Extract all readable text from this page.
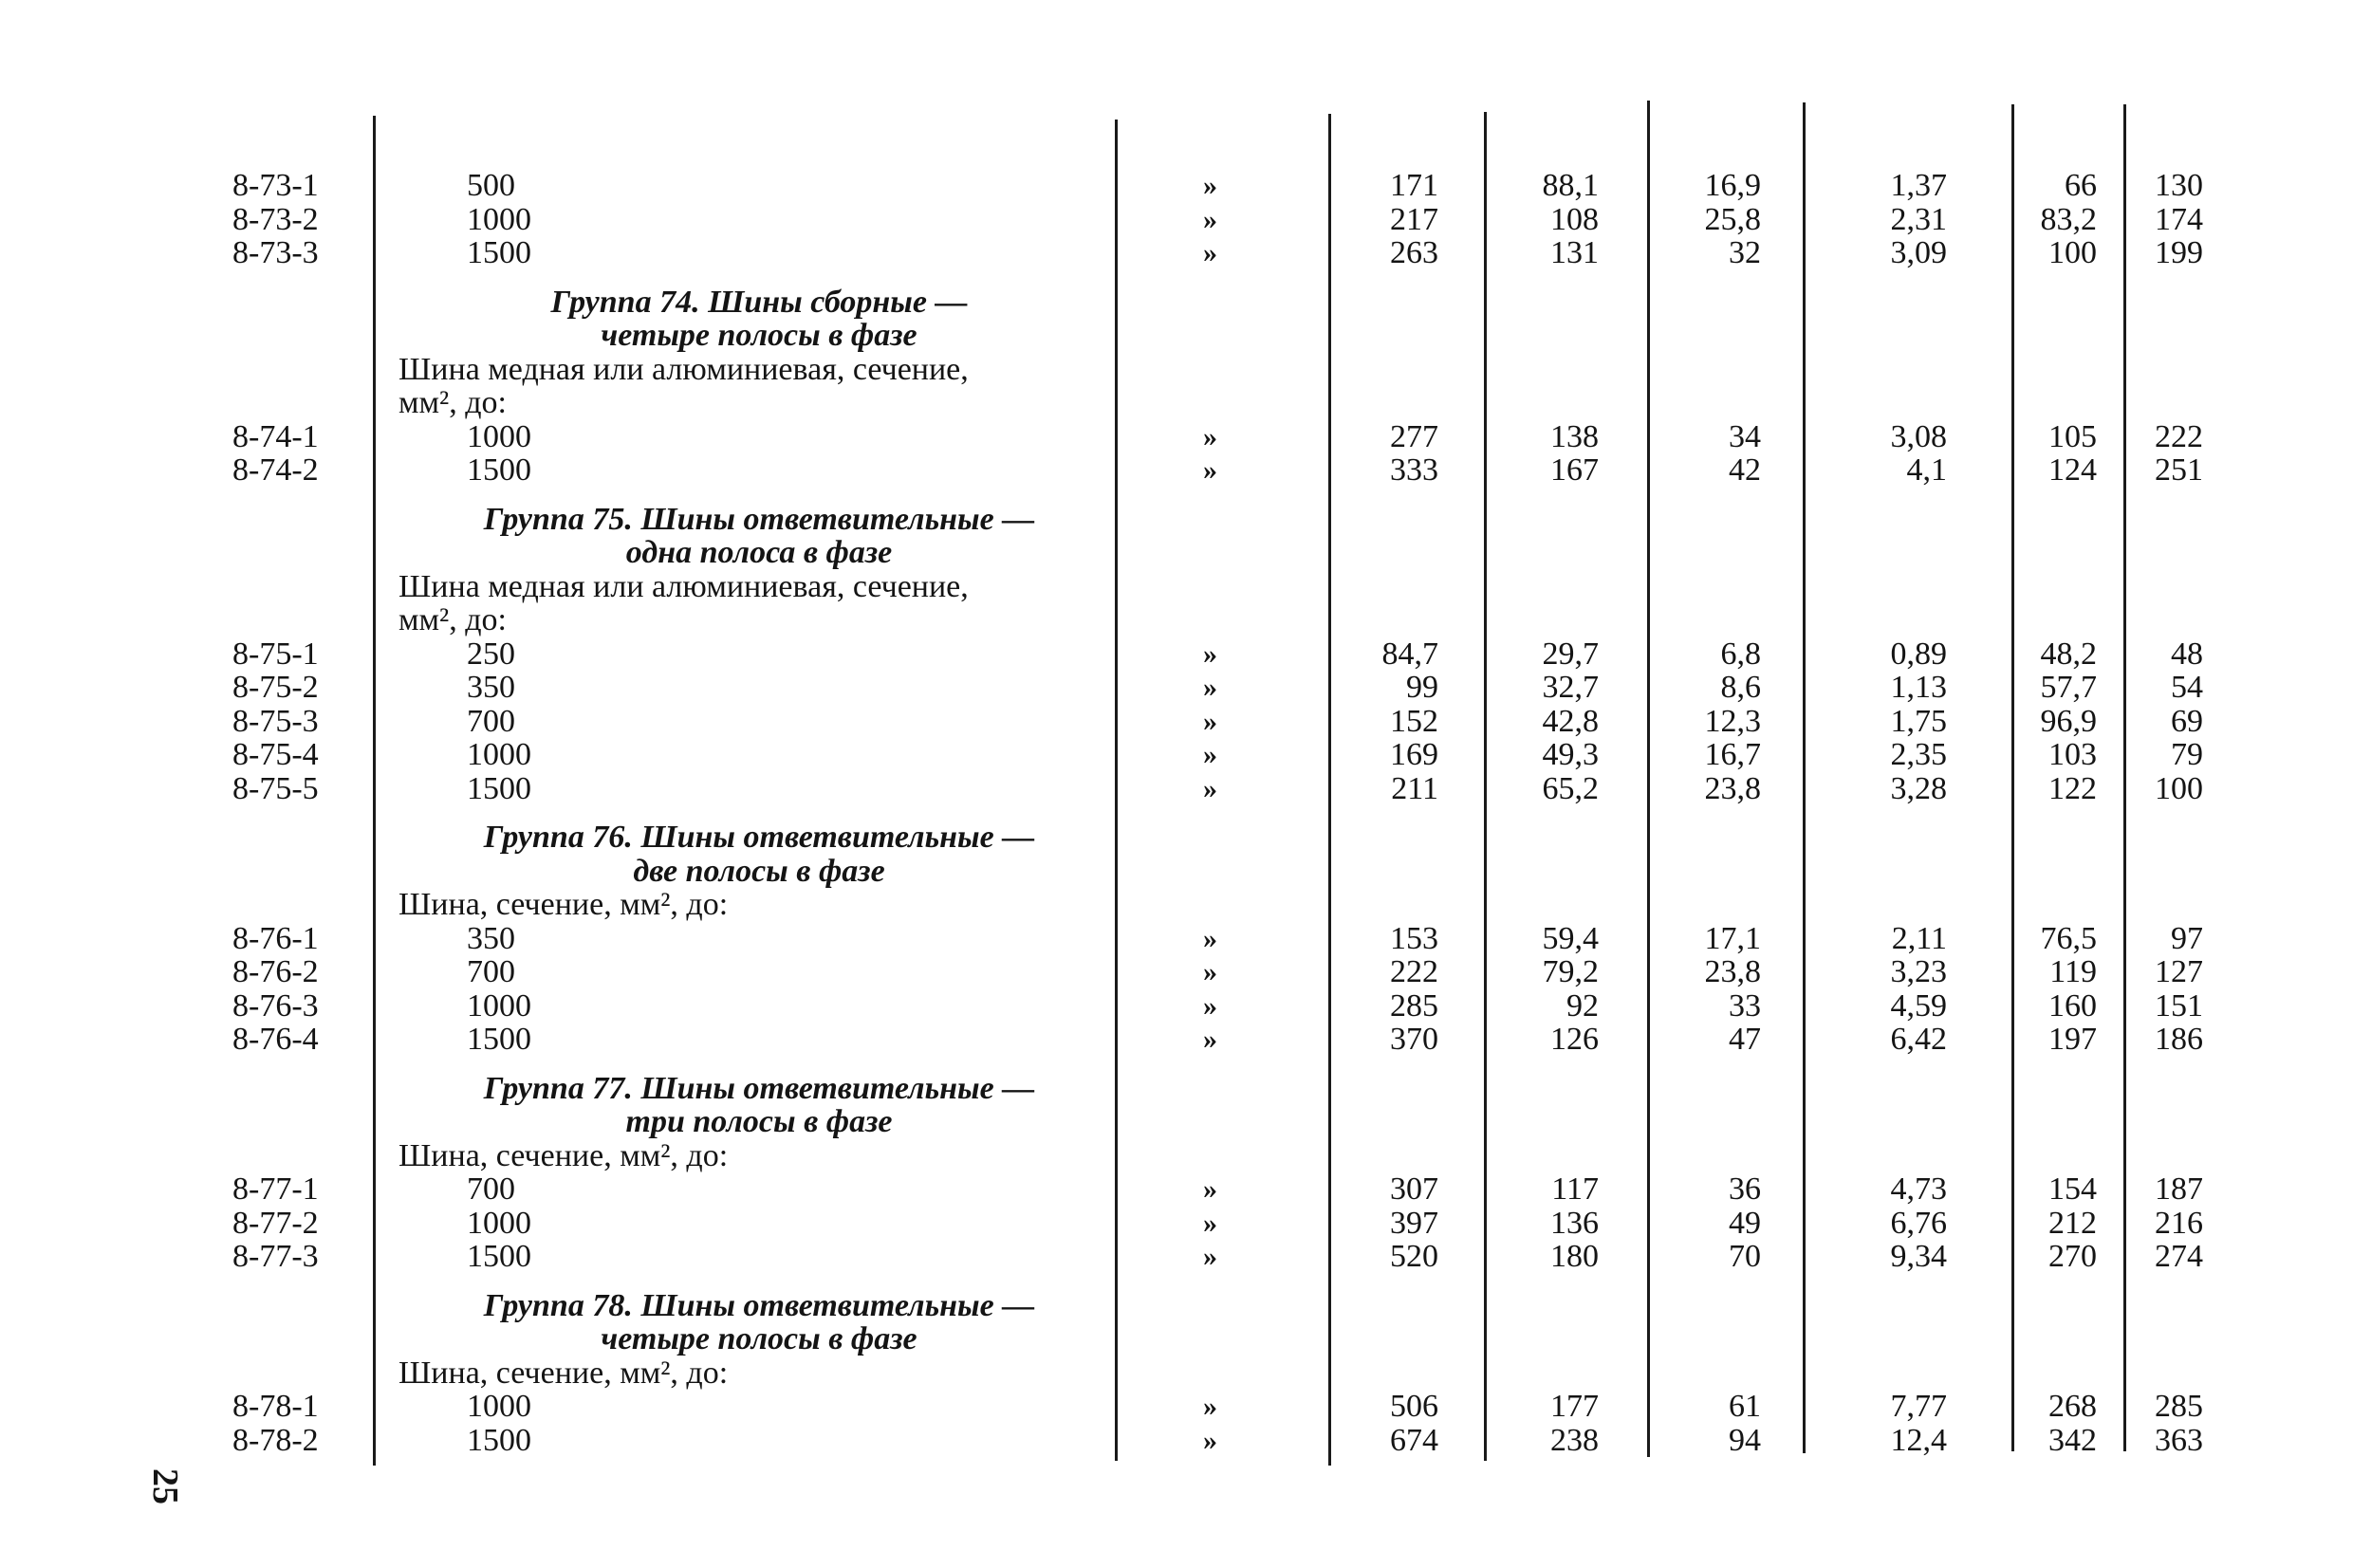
8-73-1	500	»	171	88,1	16,9	1,37	66	130
8-73-2	1000	»	217	108	25,8	2,31	83,2	174
8-73-3	1500	»	263	131	32	3,09	100	199
Группа 74. Шины сборные —
четыре полосы в фазе
Шина медная или алюминиевая, сечение,
мм², до:
8-74-1	1000	»	277	138	34	3,08	105	222
8-74-2	1500	»	333	167	42	4,1	124	251
Группа 75. Шины ответвительные —
одна полоса в фазе
Шина медная или алюминиевая, сечение,
мм², до:
8-75-1	250	»	84,7	29,7	6,8	0,89	48,2	48
8-75-2	350	»	99	32,7	8,6	1,13	57,7	54
8-75-3	700	»	152	42,8	12,3	1,75	96,9	69
8-75-4	1000	»	169	49,3	16,7	2,35	103	79
8-75-5	1500	»	211	65,2	23,8	3,28	122	100
Группа 76. Шины ответвительные —
две полосы в фазе
Шина, сечение, мм², до:
8-76-1	350	»	153	59,4	17,1	2,11	76,5	97
8-76-2	700	»	222	79,2	23,8	3,23	119	127
8-76-3	1000	»	285	92	33	4,59	160	151
8-76-4	1500	»	370	126	47	6,42	197	186
Группа 77. Шины ответвительные —
три полосы в фазе
Шина, сечение, мм², до:
8-77-1	700	»	307	117	36	4,73	154	187
8-77-2	1000	»	397	136	49	6,76	212	216
8-77-3	1500	»	520	180	70	9,34	270	274
Группа 78. Шины ответвительные —
четыре полосы в фазе
Шина, сечение, мм², до:
8-78-1	1000	»	506	177	61	7,77	268	285
8-78-2	1500	»	674	238	94	12,4	342	363
25
